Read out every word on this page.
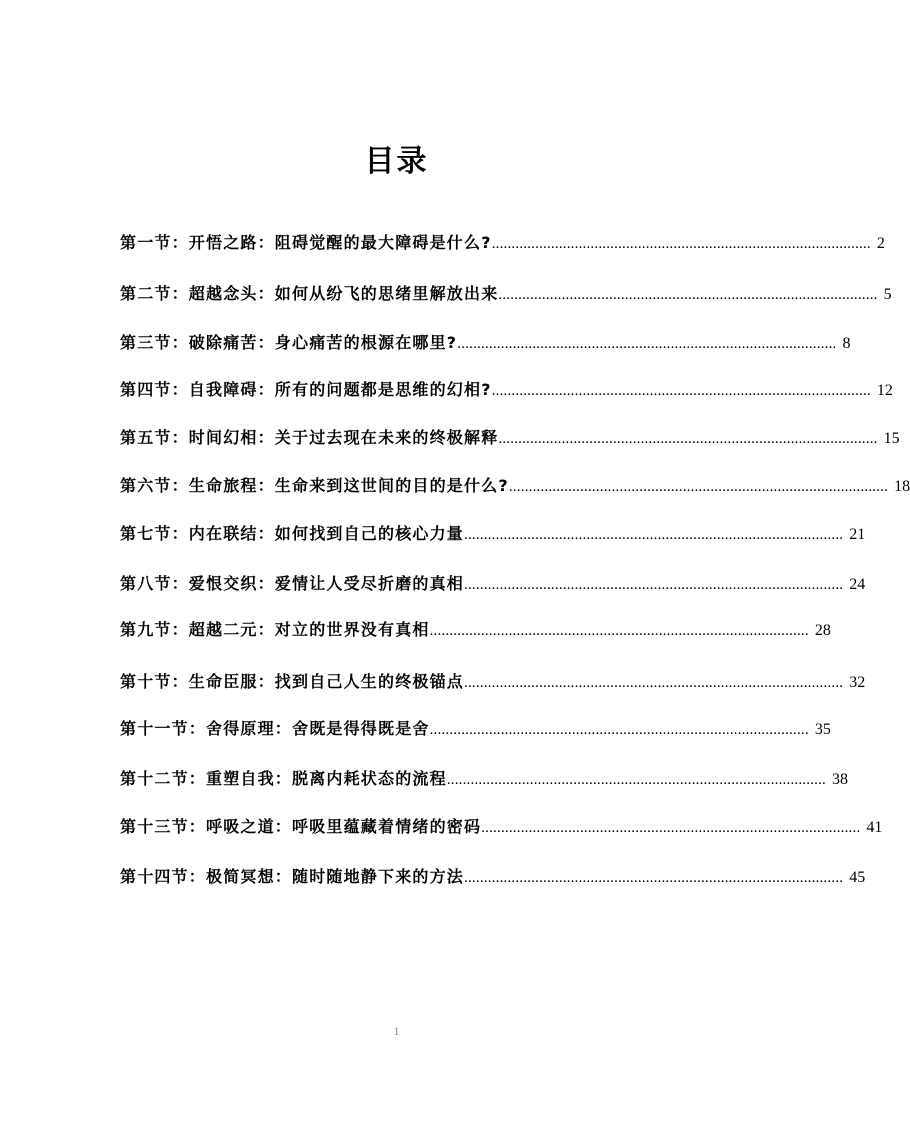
目录
第一节：开悟之路：阻碍觉醒的最大障碍是什么? ................................................................................................ 2
第二节：超越念头：如何从纷飞的思绪里解放出来 ................................................................................................ 5
第三节：破除痛苦：身心痛苦的根源在哪里? ................................................................................................ 8
第四节：自我障碍：所有的问题都是思维的幻相? ................................................................................................ 12
第五节：时间幻相：关于过去现在未来的终极解释 ................................................................................................ 15
第六节：生命旅程：生命来到这世间的目的是什么? ................................................................................................ 18
第七节：内在联结：如何找到自己的核心力量 ................................................................................................ 21
第八节：爱恨交织：爱情让人受尽折磨的真相 ................................................................................................ 24
第九节：超越二元：对立的世界没有真相 ................................................................................................ 28
第十节：生命臣服：找到自己人生的终极锚点 ................................................................................................ 32
第十一节：舍得原理：舍既是得得既是舍 ................................................................................................ 35
第十二节：重塑自我：脱离内耗状态的流程 ................................................................................................ 38
第十三节：呼吸之道：呼吸里蕴藏着情绪的密码 ................................................................................................ 41
第十四节：极简冥想：随时随地静下来的方法 ................................................................................................ 45
1
